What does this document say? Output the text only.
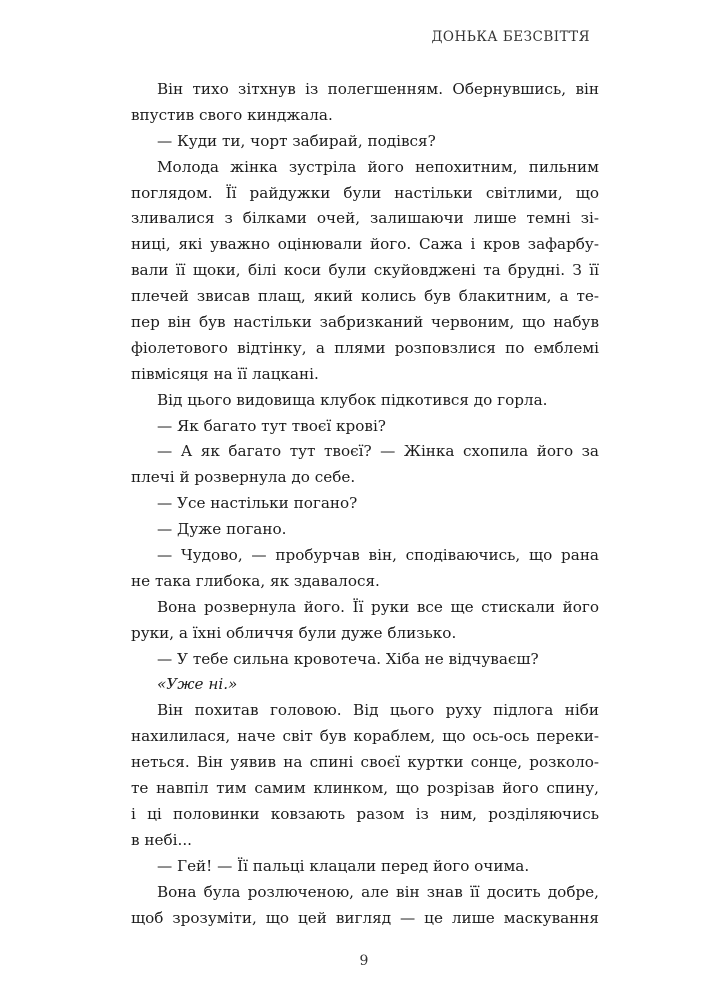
ДОНЬКА БЕЗСВІТТЯ
Він тихо зітхнув із полегшенням. Обернувшись, він
впустив свого кинджала.
— Куди ти, чорт забирай, подівся?
Молода жінка зустріла його непохитним, пильним
поглядом. Її райдужки були настільки світлими, що
зливалися з білками очей, залишаючи лише темні зі-
ниці, які уважно оцінювали його. Сажа і кров зафарбу-
вали її щоки, білі коси були скуйовджені та брудні. З її
плечей звисав плащ, який колись був блакитним, а те-
пер він був настільки забризканий червоним, що набув
фіолетового відтінку, а плями розповзлися по емблемі
півмісяця на її лацкані.
Від цього видовища клубок підкотився до горла.
— Як багато тут твоєї крові?
— А як багато тут твоєї? — Жінка схопила його за
плечі й розвернула до себе.
— Усе настільки погано?
— Дуже погано.
— Чудово, — пробурчав він, сподіваючись, що рана
не така глибока, як здавалося.
Вона розвернула його. Її руки все ще стискали його
руки, а їхні обличчя були дуже близько.
— У тебе сильна кровотеча. Хіба не відчуваєш?
«Уже ні.»
Він похитав головою. Від цього руху підлога ніби
нахилилася, наче світ був кораблем, що ось-ось переки-
неться. Він уявив на спині своєї куртки сонце, розколо-
те навпіл тим самим клинком, що розрізав його спину,
і ці половинки ковзають разом із ним, розділяючись
в небі...
— Гей! — Її пальці клацали перед його очима.
Вона була розлюченою, але він знав її досить добре,
щоб зрозуміти, що цей вигляд — це лише маскування
9
